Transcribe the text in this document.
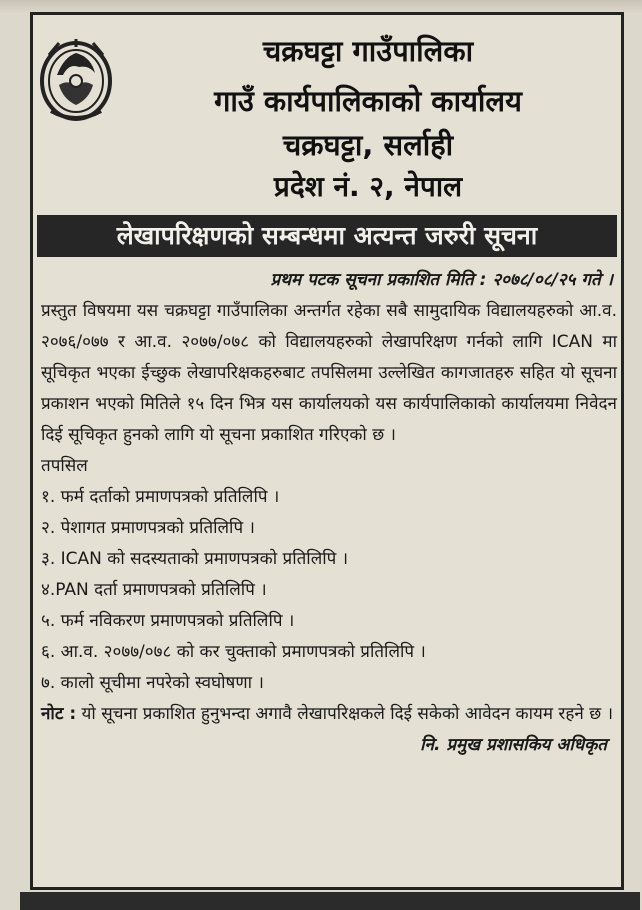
चक्रघट्टा गाउँपालिका
गाउँ कार्यपालिकाको कार्यालय
चक्रघट्टा, सर्लाही
प्रदेश नं. २, नेपाल
लेखापरिक्षणको सम्बन्धमा अत्यन्त जरुरी सूचना
प्रथम पटक सूचना प्रकाशित मिति : २०७८/०८/२५ गते ।
प्रस्तुत विषयमा यस चक्रघट्टा गाउँपालिका अन्तर्गत रहेका सबै सामुदायिक विद्यालयहरुको आ.व. २०७६/०७७ र आ.व. २०७७/०७८ को विद्यालयहरुको लेखापरिक्षण गर्नको लागि ICAN मा सूचिकृत भएका ईच्छुक लेखापरिक्षकहरुबाट तपसिलमा उल्लेखित कागजातहरु सहित यो सूचना प्रकाशन भएको मितिले १५ दिन भित्र यस कार्यालयको यस कार्यपालिकाको कार्यालयमा निवेदन दिई सूचिकृत हुनको लागि यो सूचना प्रकाशित गरिएको छ ।
तपसिल
१. फर्म दर्ताको प्रमाणपत्रको प्रतिलिपि ।
२. पेशागत प्रमाणपत्रको प्रतिलिपि ।
३. ICAN को सदस्यताको प्रमाणपत्रको प्रतिलिपि ।
४.PAN दर्ता प्रमाणपत्रको प्रतिलिपि ।
५. फर्म नविकरण प्रमाणपत्रको प्रतिलिपि ।
६. आ.व. २०७७/०७८ को कर चुक्ताको प्रमाणपत्रको प्रतिलिपि ।
७. कालो सूचीमा नपरेको स्वघोषणा ।
नोट : यो सूचना प्रकाशित हुनुभन्दा अगावै लेखापरिक्षकले दिई सकेको आवेदन कायम रहने छ ।
नि. प्रमुख प्रशासकिय अधिकृत
